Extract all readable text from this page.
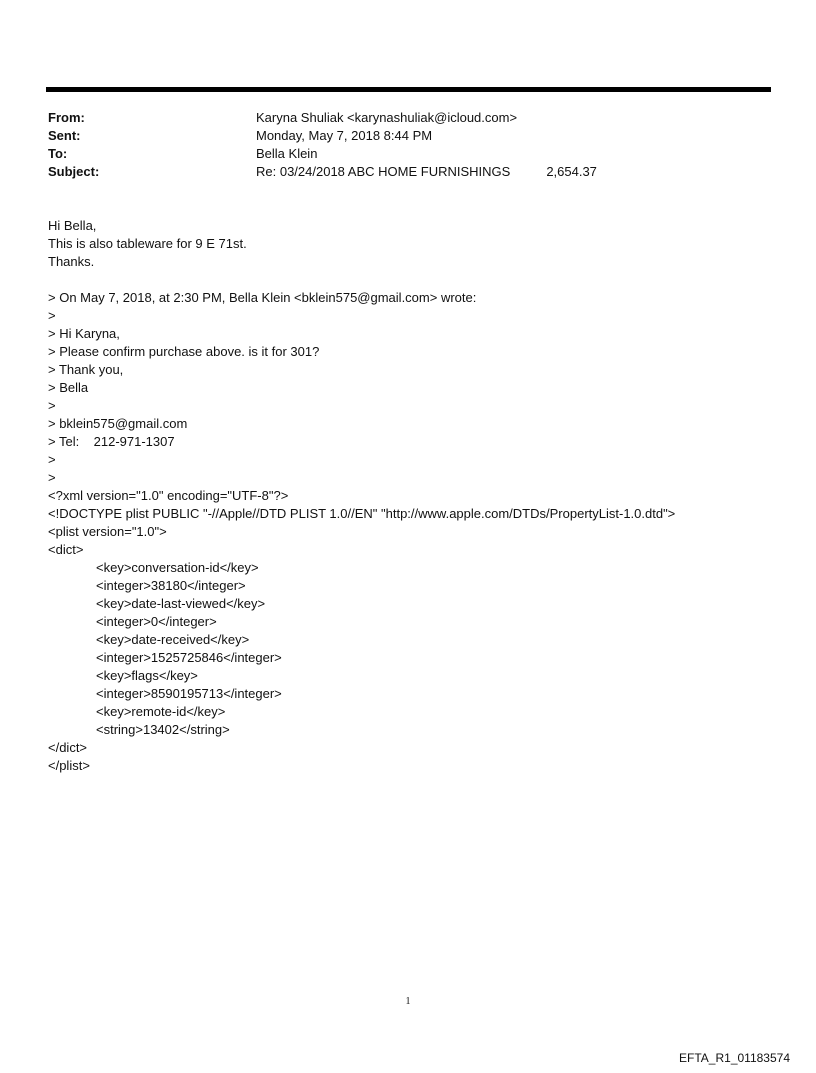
From:	Karyna Shuliak <karynashuliak@icloud.com>
Sent:	Monday, May 7, 2018 8:44 PM
To:	Bella Klein
Subject:	Re: 03/24/2018 ABC HOME FURNISHINGS	2,654.37
Hi Bella,
This is also tableware for 9 E 71st.
Thanks.
> On May 7, 2018, at 2:30 PM, Bella Klein <bklein575@gmail.com> wrote:
>
> Hi Karyna,
> Please confirm purchase above. is it for 301?
> Thank you,
> Bella
>
> bklein575@gmail.com
> Tel:    212-971-1307
>
>
<?xml version="1.0" encoding="UTF-8"?>
<!DOCTYPE plist PUBLIC "-//Apple//DTD PLIST 1.0//EN" "http://www.apple.com/DTDs/PropertyList-1.0.dtd">
<plist version="1.0">
<dict>
<key>conversation-id</key>
<integer>38180</integer>
<key>date-last-viewed</key>
<integer>0</integer>
<key>date-received</key>
<integer>1525725846</integer>
<key>flags</key>
<integer>8590195713</integer>
<key>remote-id</key>
<string>13402</string>
</dict>
</plist>
1
EFTA_R1_01183574
